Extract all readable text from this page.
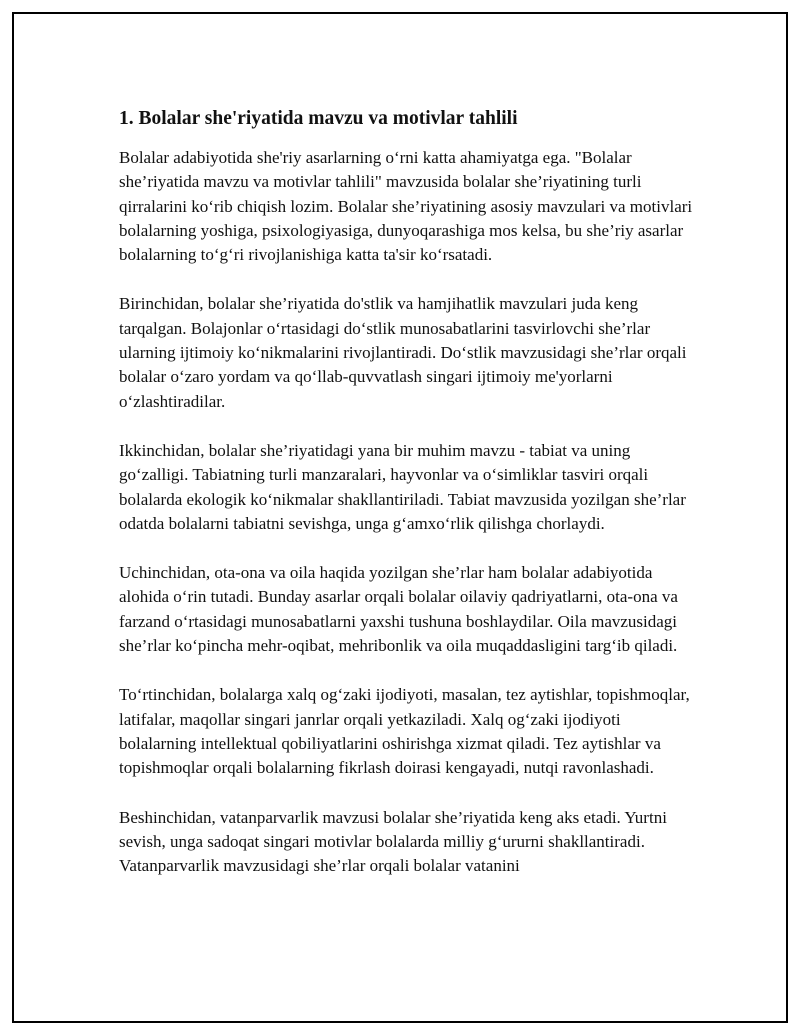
1. Bolalar she'riyatida mavzu va motivlar tahlili

Bolalar adabiyotida she'riy asarlarning o‘rni katta ahamiyatga ega. "Bolalar she’riyatida mavzu va motivlar tahlili" mavzusida bolalar she’riyatining turli qirralarini ko‘rib chiqish lozim. Bolalar she’riyatining asosiy mavzulari va motivlari bolalarning yoshiga, psixologiyasiga, dunyoqarashiga mos kelsa, bu she’riy asarlar bolalarning to‘g‘ri rivojlanishiga katta ta'sir ko‘rsatadi.

Birinchidan, bolalar she’riyatida do'stlik va hamjihatlik mavzulari juda keng tarqalgan. Bolajonlar o‘rtasidagi do‘stlik munosabatlarini tasvirlovchi she’rlar ularning ijtimoiy ko‘nikmalarini rivojlantiradi. Do‘stlik mavzusidagi she’rlar orqali bolalar o‘zaro yordam va qo‘llab-quvvatlash singari ijtimoiy me'yorlarni o‘zlashtiradilar.

Ikkinchidan, bolalar she’riyatidagi yana bir muhim mavzu - tabiat va uning go‘zalligi. Tabiatning turli manzaralari, hayvonlar va o‘simliklar tasviri orqali bolalarda ekologik ko‘nikmalar shakllantiriladi. Tabiat mavzusida yozilgan she’rlar odatda bolalarni tabiatni sevishga, unga g‘amxo‘rlik qilishga chorlaydi.

Uchinchidan, ota-ona va oila haqida yozilgan she’rlar ham bolalar adabiyotida alohida o‘rin tutadi. Bunday asarlar orqali bolalar oilaviy qadriyatlarni, ota-ona va farzand o‘rtasidagi munosabatlarni yaxshi tushuna boshlaydilar. Oila mavzusidagi she’rlar ko‘pincha mehr-oqibat, mehribonlik va oila muqaddasligini targ‘ib qiladi.

To‘rtinchidan, bolalarga xalq og‘zaki ijodiyoti, masalan, tez aytishlar, topishmoqlar, latifalar, maqollar singari janrlar orqali yetkaziladi. Xalq og‘zaki ijodiyoti bolalarning intellektual qobiliyatlarini oshirishga xizmat qiladi. Tez aytishlar va topishmoqlar orqali bolalarning fikrlash doirasi kengayadi, nutqi ravonlashadi.

Beshinchidan, vatanparvarlik mavzusi bolalar she’riyatida keng aks etadi. Yurtni sevish, unga sadoqat singari motivlar bolalarda milliy g‘ururni shakllantiradi. Vatanparvarlik mavzusidagi she’rlar orqali bolalar vatanini
